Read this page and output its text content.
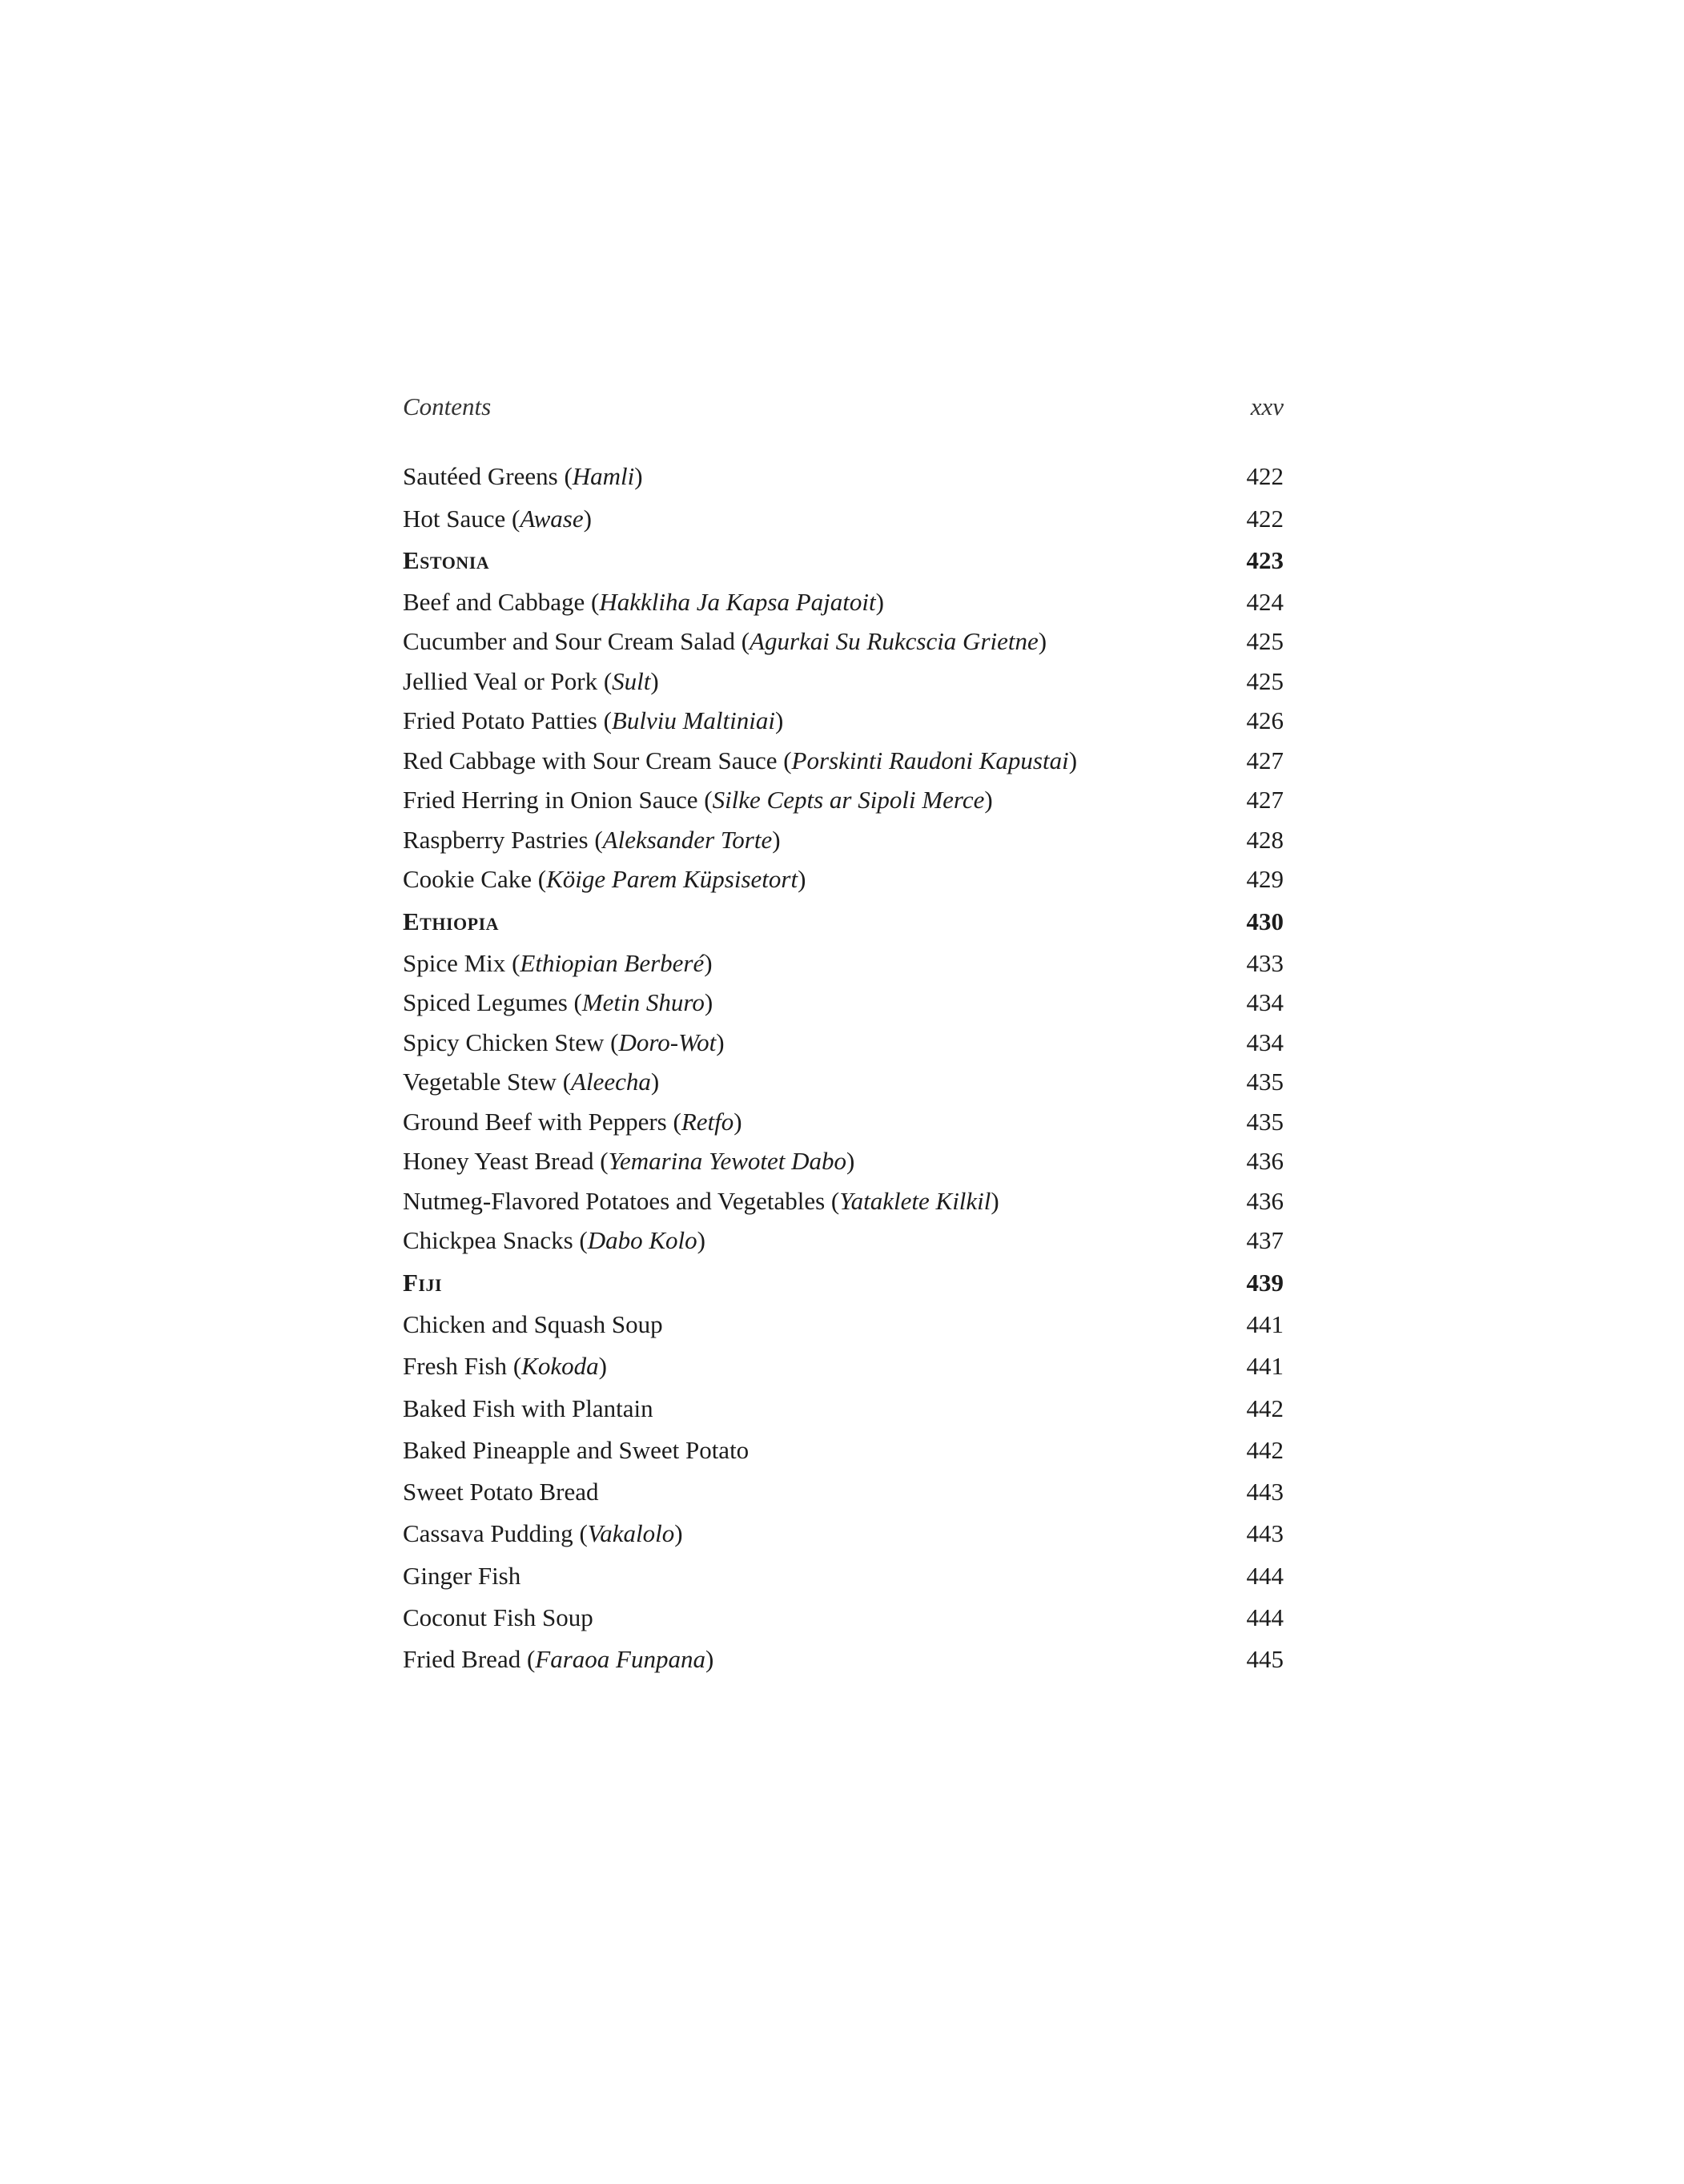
Contents	xxv
Sautéed Greens (Hamli)	422
Hot Sauce (Awase)	422
Estonia	423
Beef and Cabbage (Hakkliha Ja Kapsa Pajatoit)	424
Cucumber and Sour Cream Salad (Agurkai Su Rukcscia Grietne)	425
Jellied Veal or Pork (Sult)	425
Fried Potato Patties (Bulviu Maltiniai)	426
Red Cabbage with Sour Cream Sauce (Porskinti Raudoni Kapustai)	427
Fried Herring in Onion Sauce (Silke Cepts ar Sipoli Merce)	427
Raspberry Pastries (Aleksander Torte)	428
Cookie Cake (Köige Parem Küpsisetort)	429
Ethiopia	430
Spice Mix (Ethiopian Berberé)	433
Spiced Legumes (Metin Shuro)	434
Spicy Chicken Stew (Doro-Wot)	434
Vegetable Stew (Aleecha)	435
Ground Beef with Peppers (Retfo)	435
Honey Yeast Bread (Yemarina Yewotet Dabo)	436
Nutmeg-Flavored Potatoes and Vegetables (Yataklete Kilkil)	436
Chickpea Snacks (Dabo Kolo)	437
Fiji	439
Chicken and Squash Soup	441
Fresh Fish (Kokoda)	441
Baked Fish with Plantain	442
Baked Pineapple and Sweet Potato	442
Sweet Potato Bread	443
Cassava Pudding (Vakalolo)	443
Ginger Fish	444
Coconut Fish Soup	444
Fried Bread (Faraoa Funpana)	445
